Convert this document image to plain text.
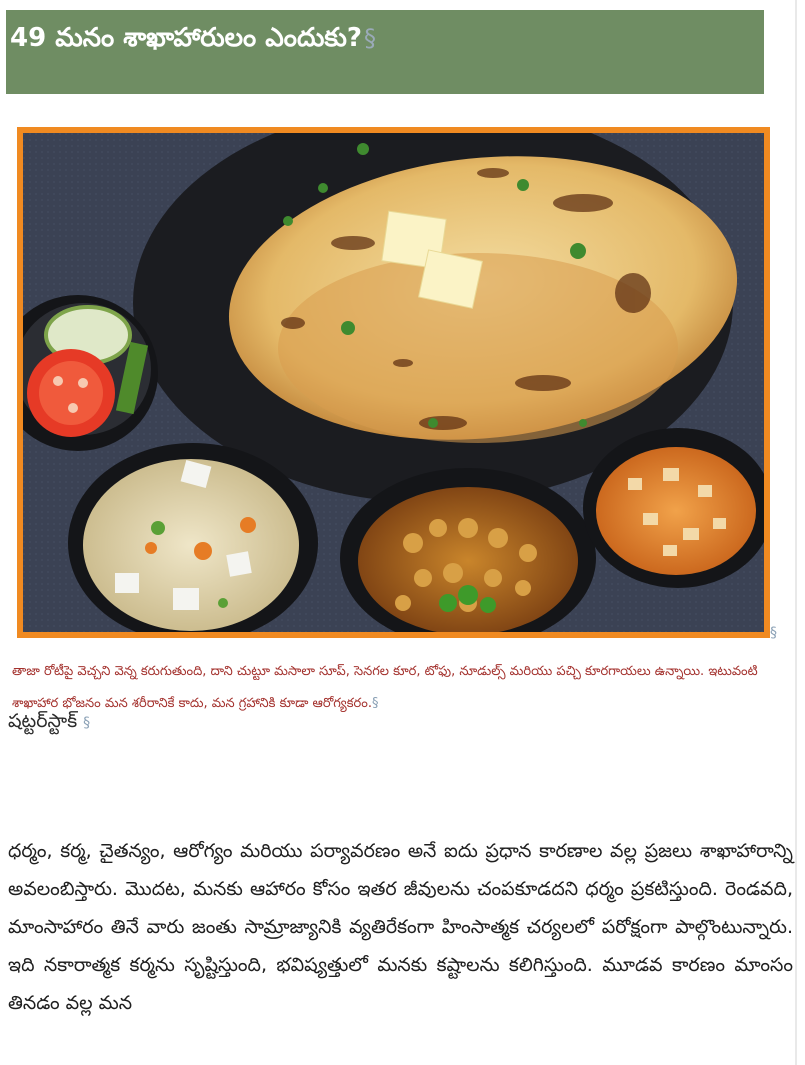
49 మనం శాఖాహారులం ఎందుకు?§
§
తాజా రోటీపై వెచ్చని వెన్న కరుగుతుంది, దాని చుట్టూ మసాలా సూప్, సెనగల కూర, టోఫు, నూడుల్స్ మరియు పచ్చి కూరగాయలు ఉన్నాయి. ఇటువంటి శాఖాహార భోజనం మన శరీరానికే కాదు, మన గ్రహానికి కూడా ఆరోగ్యకరం.§
షట్టర్‌స్టాక్ §
ధర్మం, కర్మ, చైతన్యం, ఆరోగ్యం మరియు పర్యావరణం అనే ఐదు ప్రధాన కారణాల వల్ల ప్రజలు శాఖాహారాన్ని అవలంబిస్తారు. మొదట, మనకు ఆహారం కోసం ఇతర జీవులను చంపకూడదని ధర్మం ప్రకటిస్తుంది. రెండవది, మాంసాహారం తినే వారు జంతు సామ్రాజ్యానికి వ్యతిరేకంగా హింసాత్మక చర్యలలో పరోక్షంగా పాల్గొంటున్నారు. ఇది నకారాత్మక కర్మను సృష్టిస్తుంది, భవిష్యత్తులో మనకు కష్టాలను కలిగిస్తుంది. మూడవ కారణం మాంసం తినడం వల్ల మన
